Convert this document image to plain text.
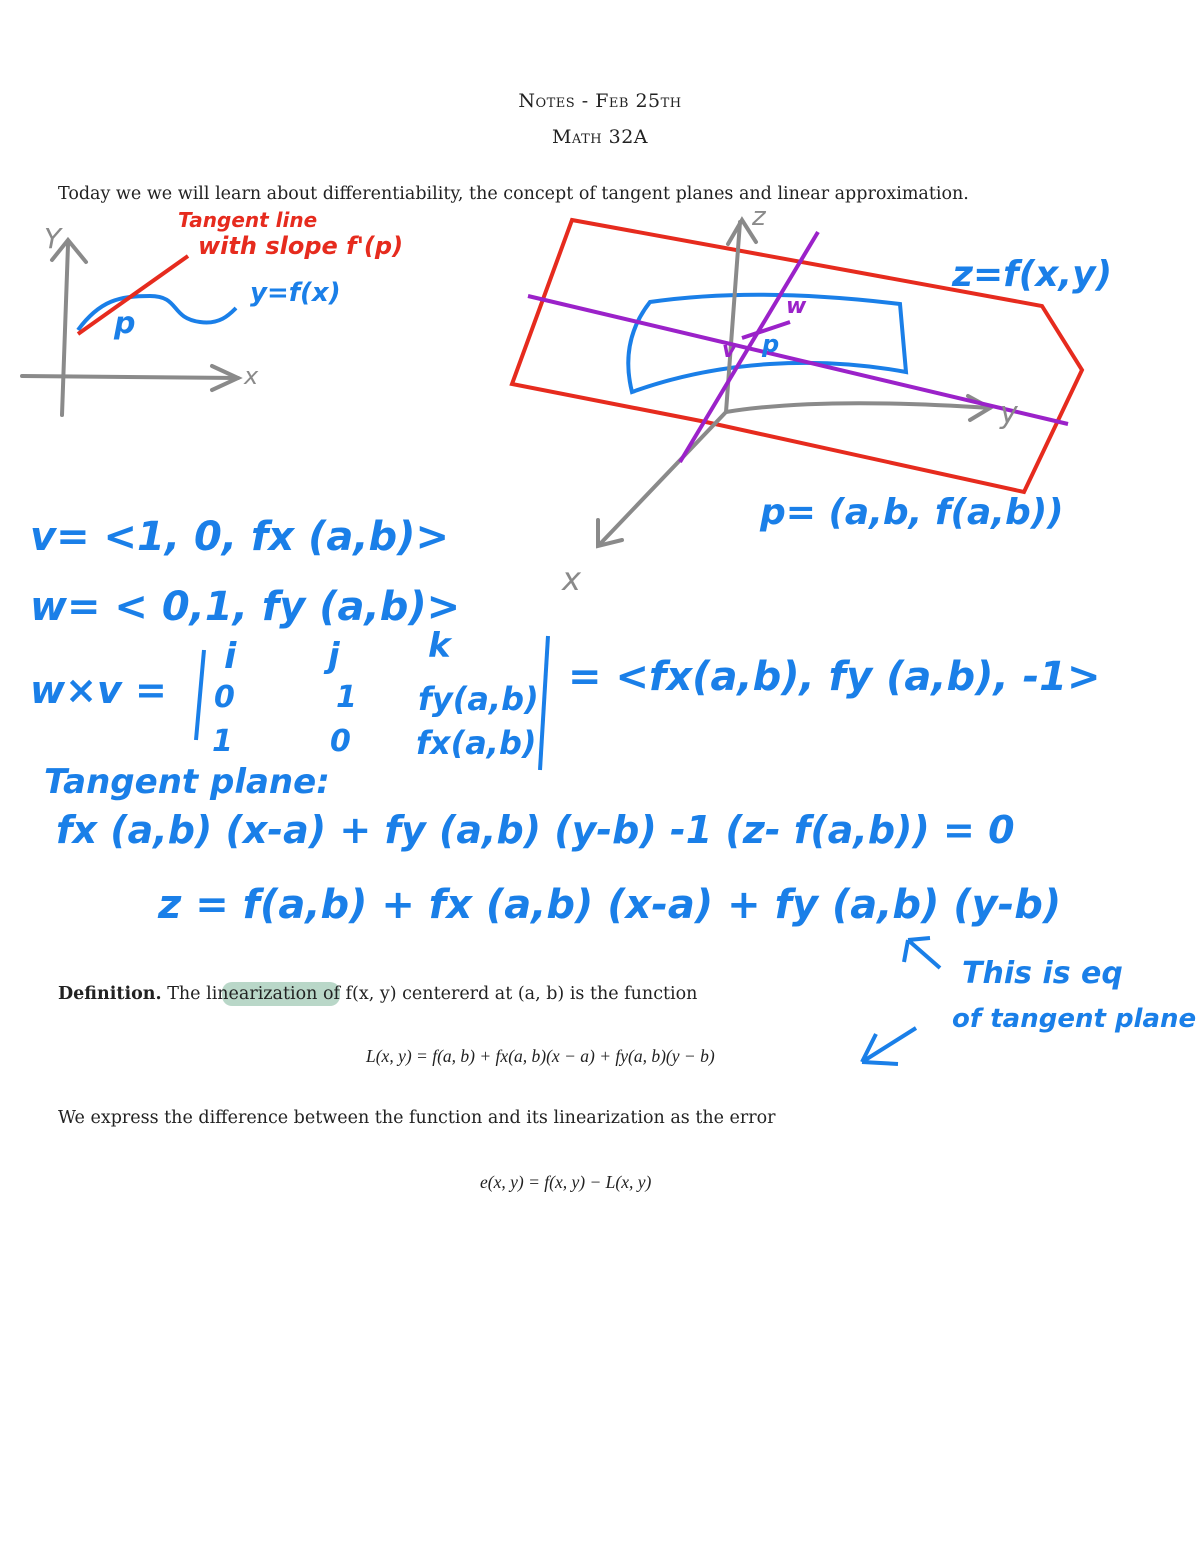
Notes - Feb 25th
Math 32A
Today we we will learn about differentiability, the concept of tangent planes and linear approximation.
Y
x
p
y=f(x)
Tangent line
with slope f'(p)
z=f(x,y)
z
y
x
w
v p
p= (a,b, f(a,b))
v= <1, 0, fx (a,b)>
w= < 0,1, fy (a,b)>
w×v =
i	j	k
0	1 fy(a,b)
1	0 fx(a,b)
= <fx(a,b), fy (a,b), -1>
Tangent plane:
fx (a,b) (x-a) + fy (a,b) (y-b) -1 (z- f(a,b)) = 0
z = f(a,b) + fx (a,b) (x-a) + fy (a,b) (y-b)
This is eq
of tangent plane
Definition. The linearization of f(x, y) centererd at (a, b) is the function
L(x, y) = f(a, b) + fx(a, b)(x − a) + fy(a, b)(y − b)
We express the difference between the function and its linearization as the error
e(x, y) = f(x, y) − L(x, y)
